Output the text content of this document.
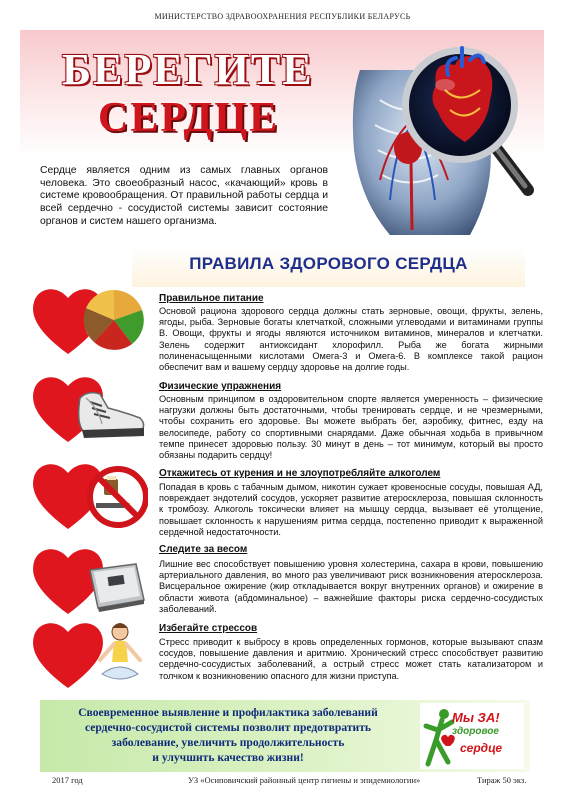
МИНИСТЕРСТВО ЗДРАВООХРАНЕНИЯ РЕСПУБЛИКИ БЕЛАРУСЬ
БЕРЕГИТЕ
СЕРДЦЕ
Сердце является одним из самых главных органов человека. Это своеобразный насос, «качающий» кровь в системе кровообращения. От правильной работы сердца и всей сердечно - сосудистой системы зависит состояние органов и систем нашего организма.
ПРАВИЛА ЗДОРОВОГО СЕРДЦА
Правильное питание
Основой рациона здорового сердца должны стать зерновые, овощи, фрукты, зелень, ягоды, рыба. Зерновые богаты клетчаткой, сложными углеводами и витаминами группы В. Овощи, фрукты и ягоды являются источником витаминов, минералов и клетчатки. Зелень содержит антиоксидант хлорофилл. Рыба же богата жирными полиненасыщенными кислотами Омега-3 и Омега-6. В комплексе такой рацион обеспечит вам и вашему сердцу здоровье на долгие годы.
Физические упражнения
Основным принципом в оздоровительном спорте является умеренность – физические нагрузки должны быть достаточными, чтобы тренировать сердце, и не чрезмерными, чтобы сохранить его здоровье. Вы можете выбрать бег, аэробику, фитнес, езду на велосипеде, работу со спортивными снарядами. Даже обычная ходьба в привычном темпе принесет здоровью пользу. 30 минут в день – тот минимум, который вы просто обязаны подарить сердцу!
Откажитесь от курения и не злоупотребляйте алкоголем
Попадая в кровь с табачным дымом, никотин сужает кровеносные сосуды, повышая АД, повреждает эндотелий сосудов, ускоряет развитие атеросклероза, повышая склонность к тромбозу. Алкоголь токсически влияет на мышцу сердца, вызывает её утолщение, повышает склонность к нарушениям ритма сердца, постепенно приводит к выраженной сердечной недостаточности.
Следите за весом
Лишние вес способствует повышению уровня холестерина, сахара в крови, повышению артериального давления, во много раз увеличивают риск возникновения атеросклероза. Висцеральное ожирение (жир откладывается вокруг внутренних органов) и ожирение в области живота (абдоминальное) – важнейшие факторы риска сердечно-сосудистых заболеваний.
Избегайте стрессов
Стресс приводит к выбросу в кровь определенных гормонов, которые вызывают спазм сосудов, повышение давления и аритмию. Хронический стресс способствует развитию сердечно-сосудистых заболеваний, а острый стресс может стать катализатором и толчком к возникновению опасного для жизни приступа.
Своевременное выявление и профилактика заболеваний
сердечно-сосудистой системы позволит предотвратить
заболевание, увеличить продолжительность
и улучшить качество жизни!
Мы ЗА!
здоровое
сердце
2017 год	УЗ «Осиповичский районный центр гигиены и эпидемиологии»	Тираж 50 экз.
